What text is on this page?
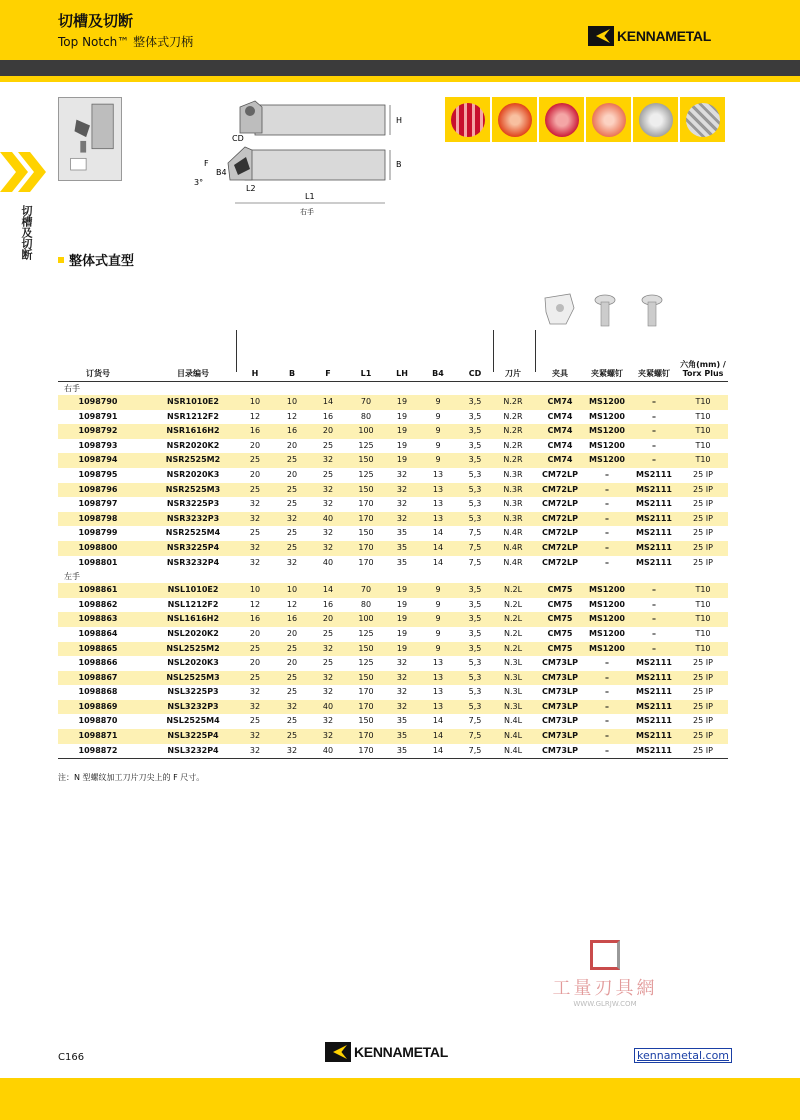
切槽及切断
Top Notch™ 整体式刀柄	KENNAMETAL
切槽及切断
H
CD
F
B4
3°
L2
L1
B
右手
整体式直型
订货号	目录编号	H	B	F	L1	LH	B4	CD	刀片	夹具	夹紧螺钉	夹紧螺钉
六角(mm) / Torx Plus
右手
1098790	NSR1010E2	10	10	14	70	19	9	3,5	N.2R	CM74	MS1200	–	T10
1098791	NSR1212F2	12	12	16	80	19	9	3,5	N.2R	CM74	MS1200	–	T10
1098792	NSR1616H2	16	16	20	100	19	9	3,5	N.2R	CM74	MS1200	–	T10
1098793	NSR2020K2	20	20	25	125	19	9	3,5	N.2R	CM74	MS1200	–	T10
1098794	NSR2525M2	25	25	32	150	19	9	3,5	N.2R	CM74	MS1200	–	T10
1098795	NSR2020K3	20	20	25	125	32	13	5,3	N.3R	CM72LP	–	MS2111	25 IP
1098796	NSR2525M3	25	25	32	150	32	13	5,3	N.3R	CM72LP	–	MS2111	25 IP
1098797	NSR3225P3	32	25	32	170	32	13	5,3	N.3R	CM72LP	–	MS2111	25 IP
1098798	NSR3232P3	32	32	40	170	32	13	5,3	N.3R	CM72LP	–	MS2111	25 IP
1098799	NSR2525M4	25	25	32	150	35	14	7,5	N.4R	CM72LP	–	MS2111	25 IP
1098800	NSR3225P4	32	25	32	170	35	14	7,5	N.4R	CM72LP	–	MS2111	25 IP
1098801	NSR3232P4	32	32	40	170	35	14	7,5	N.4R	CM72LP	–	MS2111	25 IP
左手
1098861	NSL1010E2	10	10	14	70	19	9	3,5	N.2L	CM75	MS1200	–	T10
1098862	NSL1212F2	12	12	16	80	19	9	3,5	N.2L	CM75	MS1200	–	T10
1098863	NSL1616H2	16	16	20	100	19	9	3,5	N.2L	CM75	MS1200	–	T10
1098864	NSL2020K2	20	20	25	125	19	9	3,5	N.2L	CM75	MS1200	–	T10
1098865	NSL2525M2	25	25	32	150	19	9	3,5	N.2L	CM75	MS1200	–	T10
1098866	NSL2020K3	20	20	25	125	32	13	5,3	N.3L	CM73LP	–	MS2111	25 IP
1098867	NSL2525M3	25	25	32	150	32	13	5,3	N.3L	CM73LP	–	MS2111	25 IP
1098868	NSL3225P3	32	25	32	170	32	13	5,3	N.3L	CM73LP	–	MS2111	25 IP
1098869	NSL3232P3	32	32	40	170	32	13	5,3	N.3L	CM73LP	–	MS2111	25 IP
1098870	NSL2525M4	25	25	32	150	35	14	7,5	N.4L	CM73LP	–	MS2111	25 IP
1098871	NSL3225P4	32	25	32	170	35	14	7,5	N.4L	CM73LP	–	MS2111	25 IP
1098872	NSL3232P4	32	32	40	170	35	14	7,5	N.4L	CM73LP	–	MS2111	25 IP
注：N 型螺纹加工刀片刀尖上的 F 尺寸。
工量刃具網
WWW.GLRJW.COM
C166	KENNAMETAL	kennametal.com
